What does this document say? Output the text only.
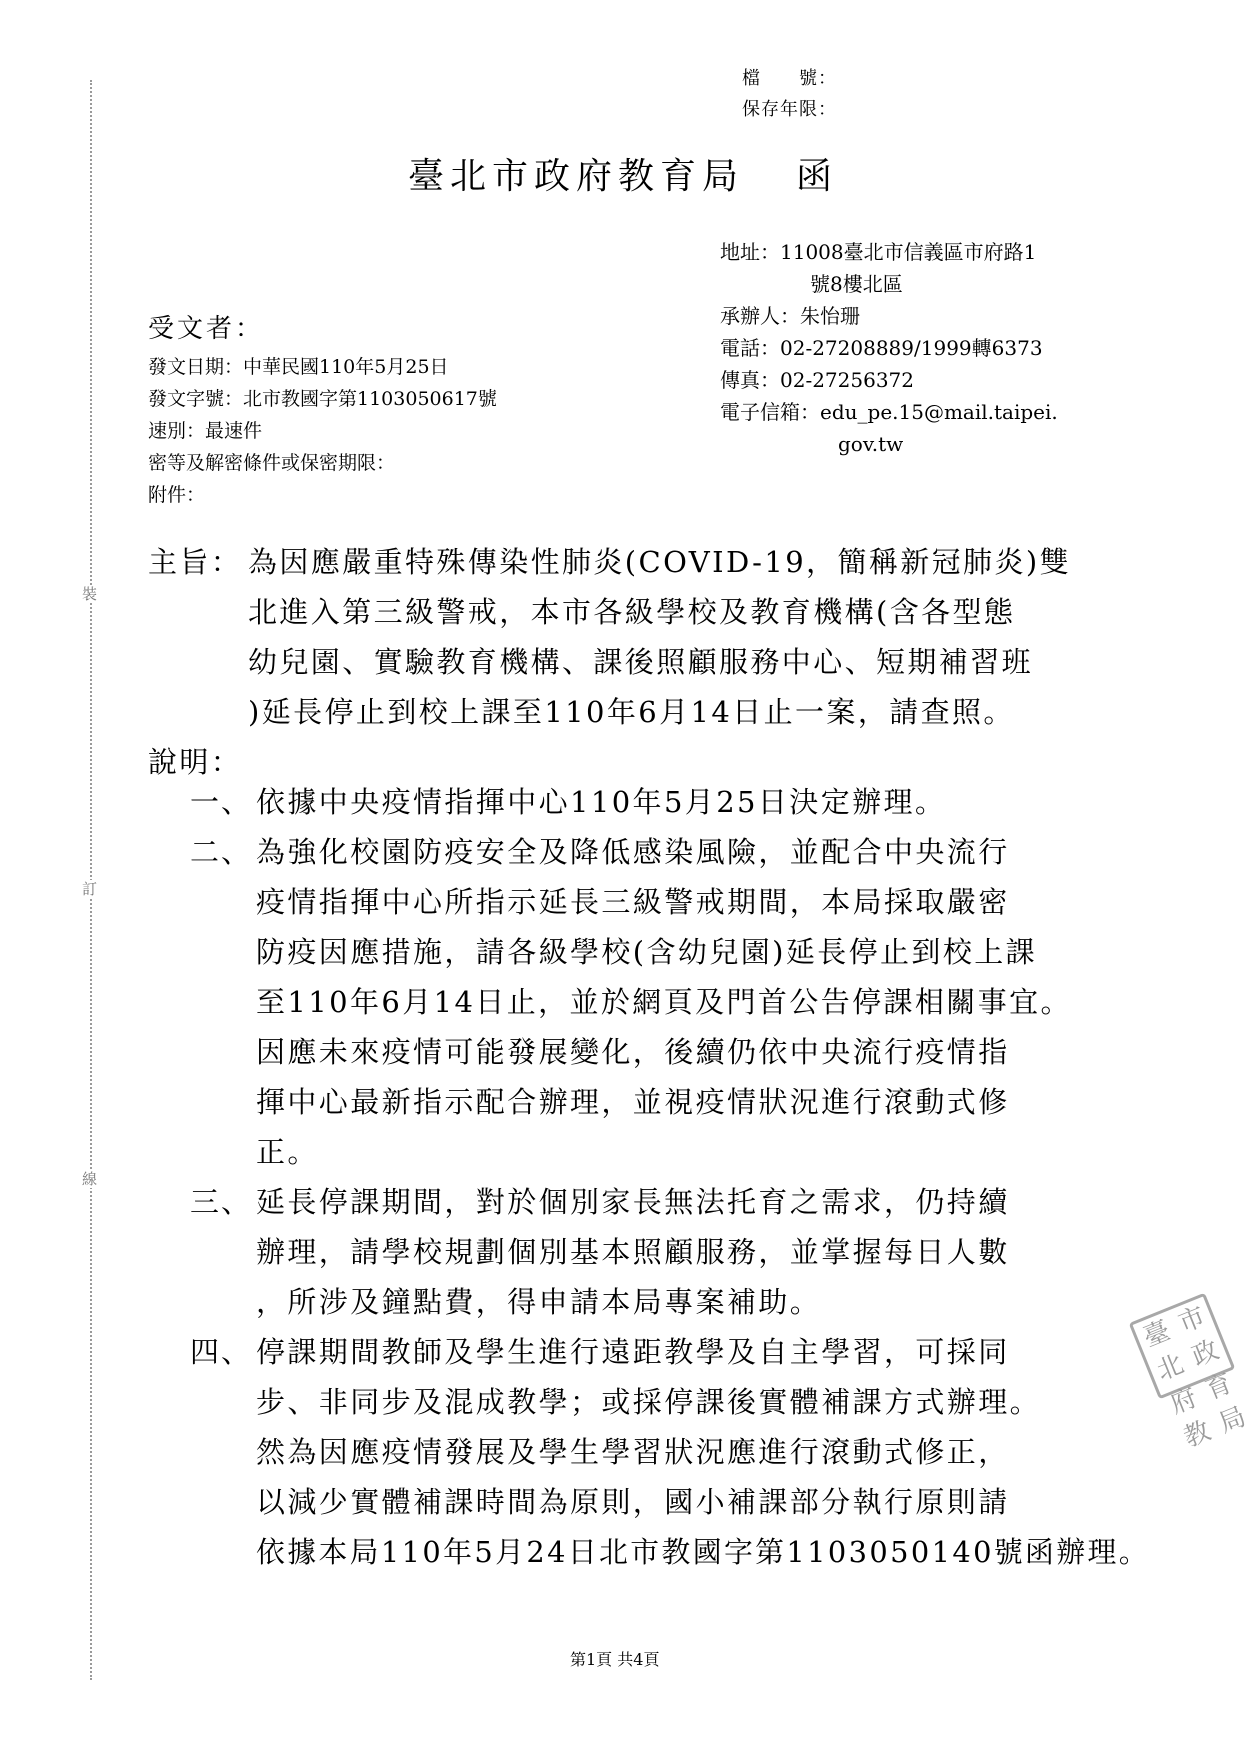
裝
訂
線
檔　　號：
保存年限：
臺北市政府教育局 函
地址：11008臺北市信義區市府路1
號8樓北區
承辦人：朱怡珊
電話：02-27208889/1999轉6373
傳真：02-27256372
電子信箱：edu_pe.15@mail.taipei.
gov.tw
受文者：
發文日期：中華民國110年5月25日
發文字號：北市教國字第1103050617號
速別：最速件
密等及解密條件或保密期限：
附件：
主旨： 為因應嚴重特殊傳染性肺炎(COVID-19，簡稱新冠肺炎)雙
北進入第三級警戒，本市各級學校及教育機構(含各型態
幼兒園、實驗教育機構、課後照顧服務中心、短期補習班
)延長停止到校上課至110年6月14日止一案，請查照。
說明：
一、 依據中央疫情指揮中心110年5月25日決定辦理。
二、 為強化校園防疫安全及降低感染風險，並配合中央流行
疫情指揮中心所指示延長三級警戒期間，本局採取嚴密
防疫因應措施，請各級學校(含幼兒園)延長停止到校上課
至110年6月14日止，並於網頁及門首公告停課相關事宜。
因應未來疫情可能發展變化，後續仍依中央流行疫情指
揮中心最新指示配合辦理，並視疫情狀況進行滾動式修
正。
三、 延長停課期間，對於個別家長無法托育之需求，仍持續
辦理，請學校規劃個別基本照顧服務，並掌握每日人數
，所涉及鐘點費，得申請本局專案補助。
四、 停課期間教師及學生進行遠距教學及自主學習，可採同
步、非同步及混成教學；或採停課後實體補課方式辦理。
然為因應疫情發展及學生學習狀況應進行滾動式修正，
以減少實體補課時間為原則，國小補課部分執行原則請
依據本局110年5月24日北市教國字第1103050140號函辦理。
臺北
市政
府教
育局
第1頁 共4頁
